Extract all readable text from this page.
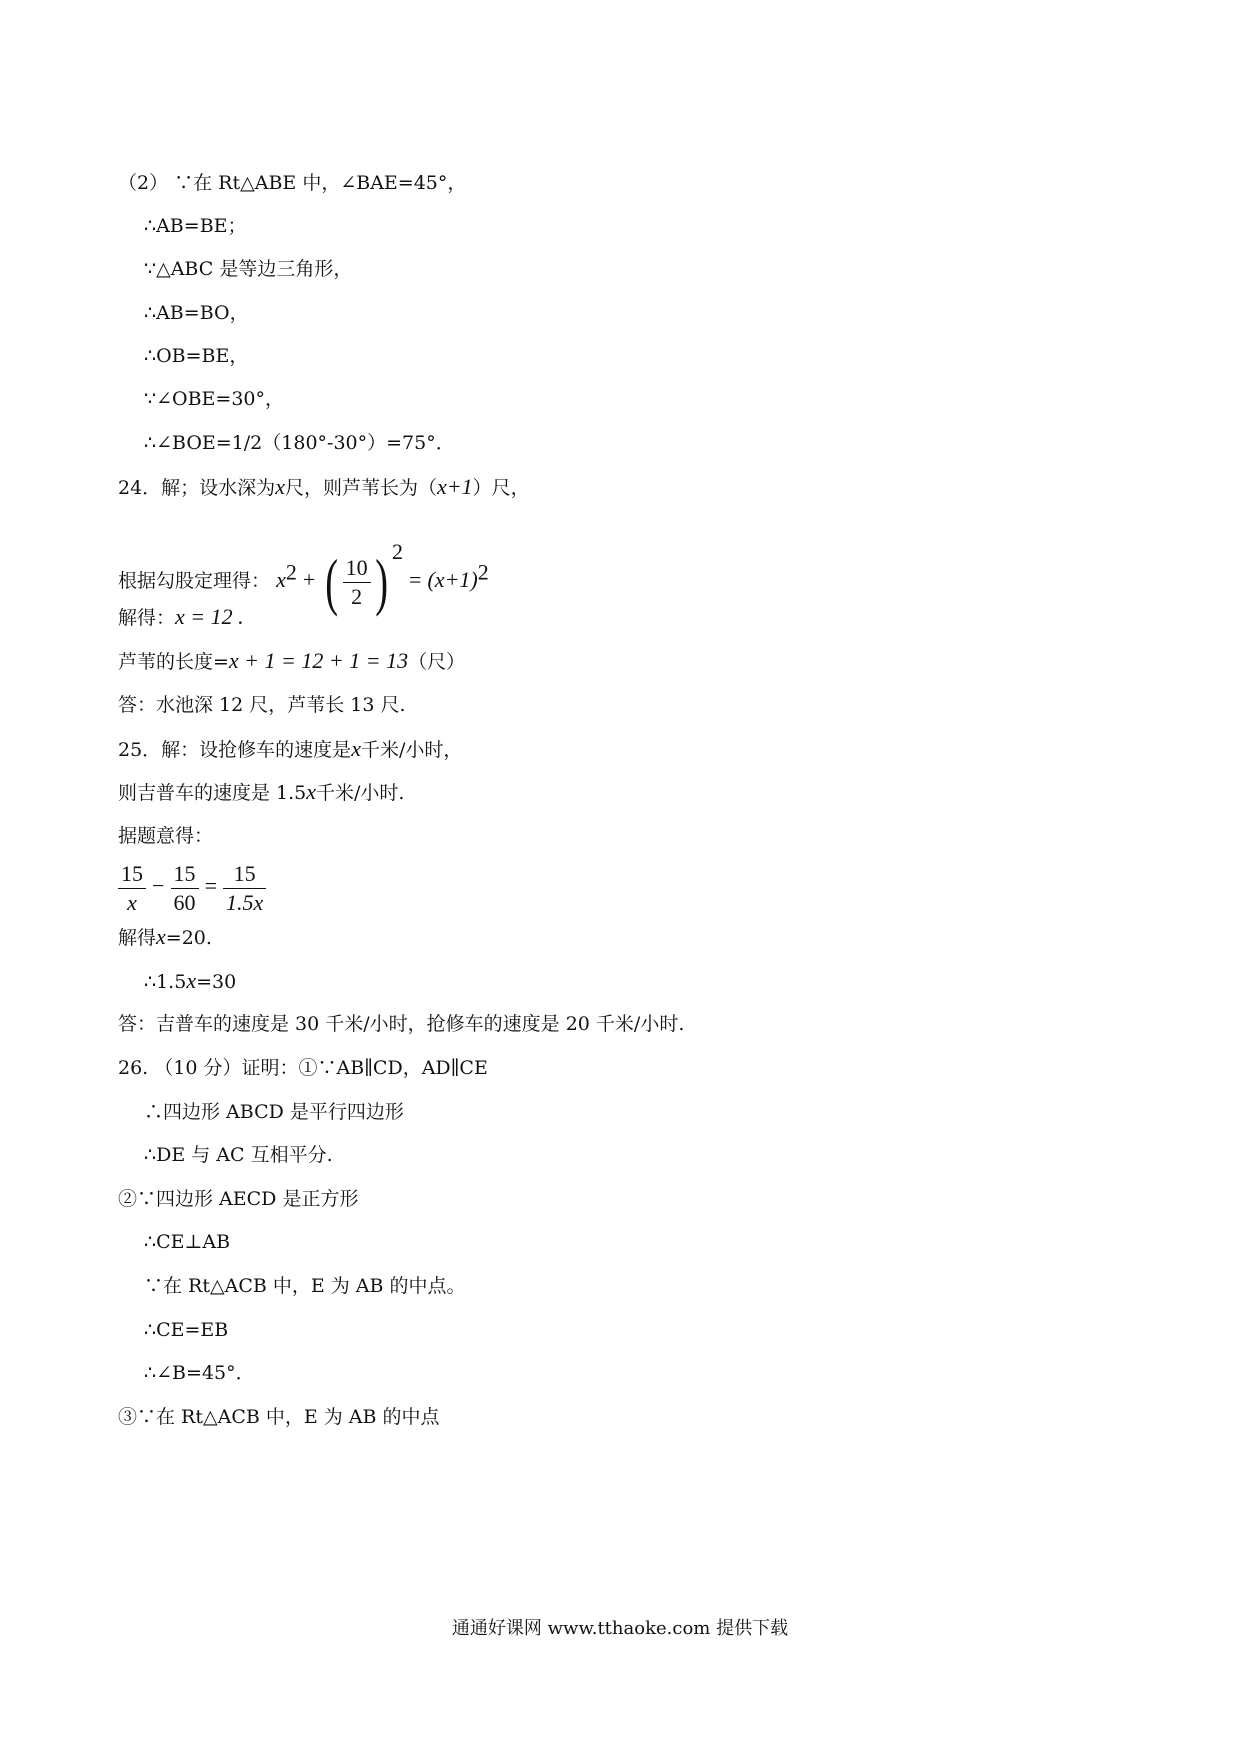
（2） ∵在 Rt△ABE 中，∠BAE=45°，
∴AB=BE；
∵△ABC 是等边三角形，
∴AB=BO，
∴OB=BE，
∵∠OBE=30°，
∴∠BOE=1/2（180°-30°）=75°．
24．解；设水深为x尺，则芦苇长为（x+1）尺，
根据勾股定理得： $x^2$ + ( $\frac{10}{2}$ ) $^2 = (x+1)^2$
解得：x = 12 .
芦苇的长度=x + 1 = 12 + 1 = 13（尺）
答：水池深 12 尺，芦苇长 13 尺.
25．解：设抢修车的速度是x千米/小时，
则吉普车的速度是 1.5x千米/小时.
据题意得：
$\frac{15}{x} - \frac{15}{60} = \frac{15}{1.5x}$
解得x=20.
∴1.5x=30
答：吉普车的速度是 30 千米/小时，抢修车的速度是 20 千米/小时.
26. （10 分）证明：①∵AB∥CD，AD∥CE
∴四边形 ABCD 是平行四边形
∴DE 与 AC 互相平分.
②∵四边形 AECD 是正方形
∴CE⊥AB
∵在 Rt△ACB 中，E 为 AB 的中点。
∴CE=EB
∴∠B=45°．
③∵在 Rt△ACB 中，E 为 AB 的中点
通通好课网 www.tthaoke.com 提供下载
